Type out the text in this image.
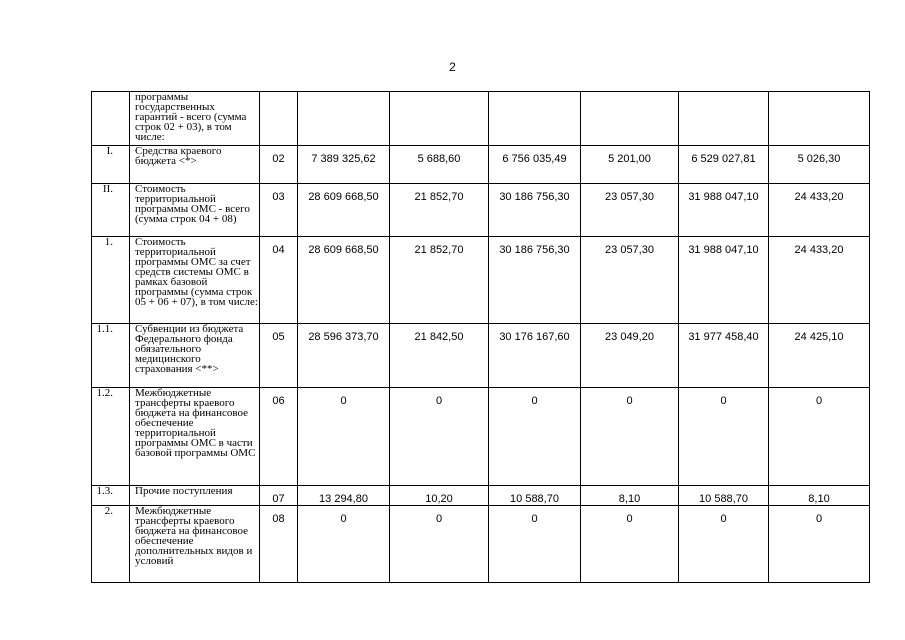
2
	программы государственных гарантий - всего (сумма строк 02 + 03), в том числе:							
I.	Средства краевого бюджета <*>	02	7 389 325,62	5 688,60	6 756 035,49	5 201,00	6 529 027,81	5 026,30
II.	Стоимость территориальной программы ОМС - всего (сумма строк 04 + 08)	03	28 609 668,50	21 852,70	30 186 756,30	23 057,30	31 988 047,10	24 433,20
1.	Стоимость территориальной программы ОМС за счет средств системы ОМС в рамках базовой программы (сумма строк 05 + 06 + 07), в том числе:	04	28 609 668,50	21 852,70	30 186 756,30	23 057,30	31 988 047,10	24 433,20
1.1.	Субвенции из бюджета Федерального фонда обязательного медицинского страхования <**>	05	28 596 373,70	21 842,50	30 176 167,60	23 049,20	31 977 458,40	24 425,10
1.2.	Межбюджетные трансферты краевого бюджета на финансовое обеспечение территориальной программы ОМС в части базовой программы ОМС	06	0	0	0	0	0	0
1.3.	Прочие поступления	07	13 294,80	10,20	10 588,70	8,10	10 588,70	8,10
2.	Межбюджетные трансферты краевого бюджета на финансовое обеспечение дополнительных видов и условий	08	0	0	0	0	0	0
